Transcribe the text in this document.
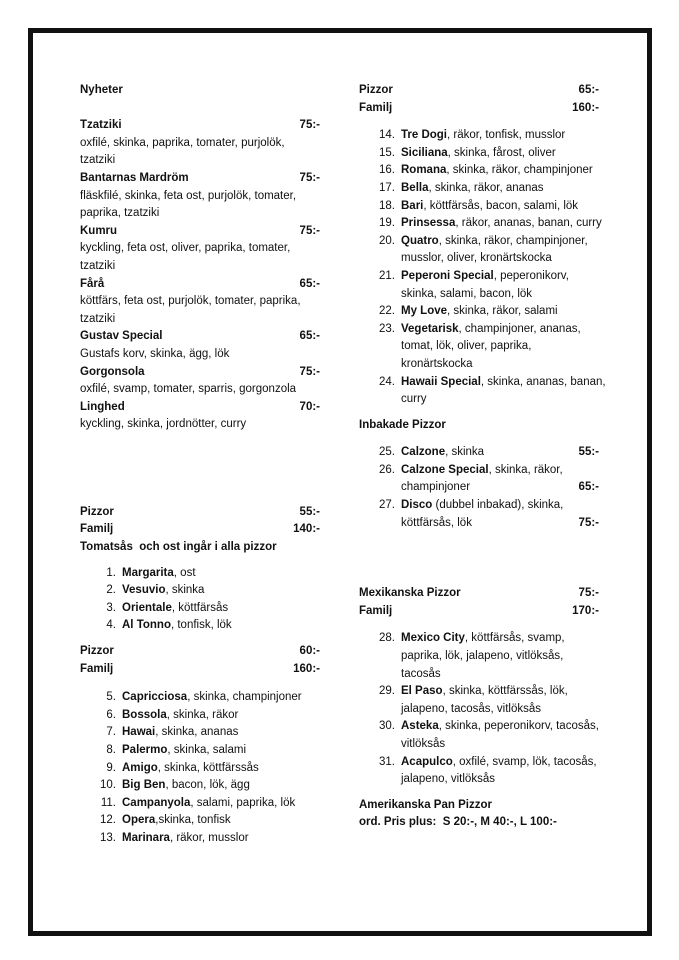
Nyheter
Tzatziki	75:-
oxfilé, skinka, paprika, tomater, purjolök,
tzatziki
Bantarnas Mardröm	75:-
fläskfilé, skinka, feta ost, purjolök, tomater,
paprika, tzatziki
Kumru	75:-
kyckling, feta ost, oliver, paprika, tomater,
tzatziki
Fårå	65:-
köttfärs, feta ost, purjolök, tomater, paprika,
tzatziki
Gustav Special	65:-
Gustafs korv, skinka, ägg, lök
Gorgonsola	75:-
oxfilé, svamp, tomater, sparris, gorgonzola
Linghed	70:-
kyckling, skinka, jordnötter, curry
Pizzor	55:-
Familj	140:-
Tomatsås  och ost ingår i alla pizzor
1. Margarita, ost
2. Vesuvio, skinka
3. Orientale, köttfärsås
4. Al Tonno, tonfisk, lök
Pizzor	60:-
Familj	160:-
5. Capricciosa, skinka, champinjoner
6. Bossola, skinka, räkor
7. Hawai, skinka, ananas
8. Palermo, skinka, salami
9. Amigo, skinka, köttfärssås
10. Big Ben, bacon, lök, ägg
11. Campanyola, salami, paprika, lök
12. Opera,skinka, tonfisk
13. Marinara, räkor, musslor
Pizzor	65:-
Familj	160:-
14. Tre Dogi, räkor, tonfisk, musslor
15. Siciliana, skinka, fårost, oliver
16. Romana, skinka, räkor, champinjoner
17. Bella, skinka, räkor, ananas
18. Bari, köttfärsås, bacon, salami, lök
19. Prinsessa, räkor, ananas, banan, curry
20. Quatro, skinka, räkor, champinjoner,
musslor, oliver, kronärtskocka
21. Peperoni Special, peperonikorv,
skinka, salami, bacon, lök
22. My Love, skinka, räkor, salami
23. Vegetarisk, champinjoner, ananas,
tomat, lök, oliver, paprika,
kronärtskocka
24. Hawaii Special, skinka, ananas, banan,
curry
Inbakade Pizzor
25. Calzone, skinka	55:-
26. Calzone Special, skinka, räkor,
champinjoner	65:-
27. Disco (dubbel inbakad), skinka,
köttfärsås, lök	75:-
Mexikanska Pizzor	75:-
Familj	170:-
28. Mexico City, köttfärsås, svamp,
paprika, lök, jalapeno, vitlöksås,
tacosås
29. El Paso, skinka, köttfärssås, lök,
jalapeno, tacosås, vitlöksås
30. Asteka, skinka, peperonikorv, tacosås,
vitlöksås
31. Acapulco, oxfilé, svamp, lök, tacosås,
jalapeno, vitlöksås
Amerikanska Pan Pizzor
ord. Pris plus:  S 20:-, M 40:-, L 100:-
